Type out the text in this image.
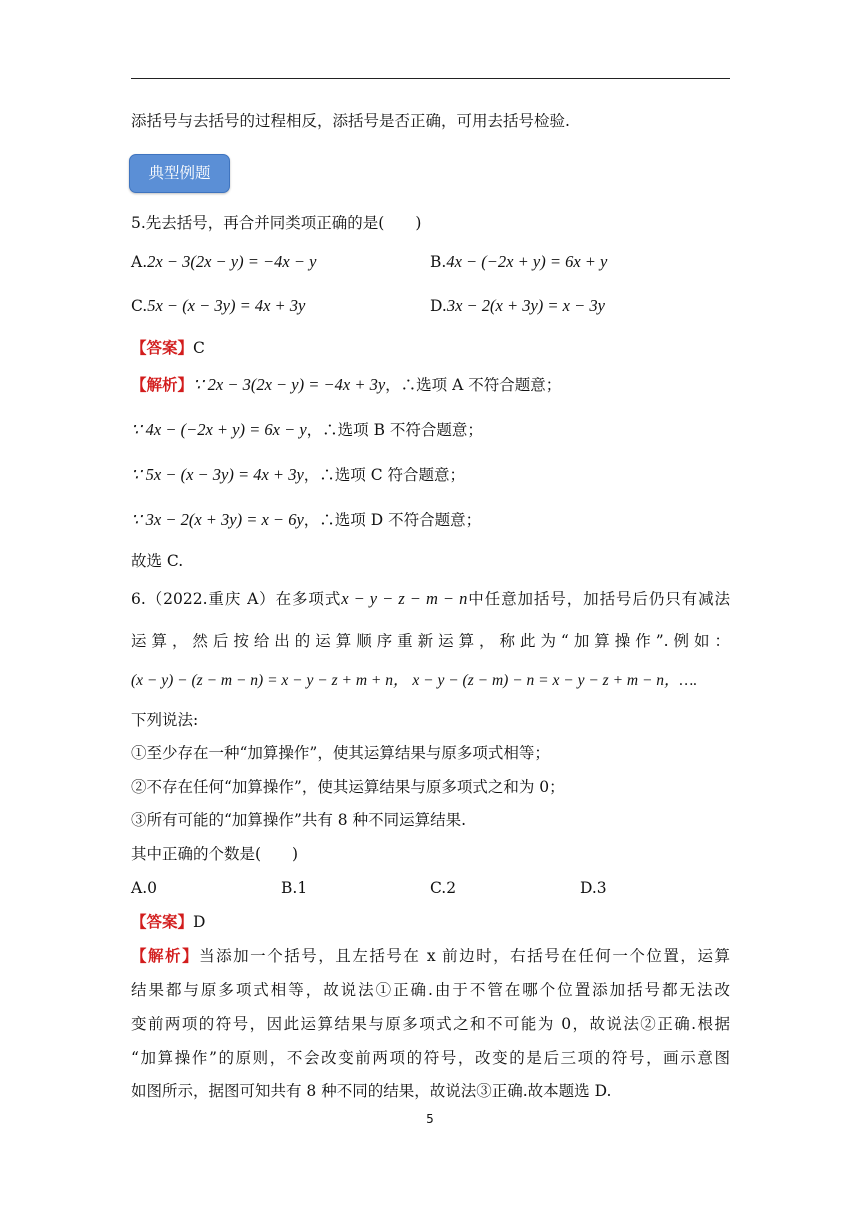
添括号与去括号的过程相反，添括号是否正确，可用去括号检验.
典型例题
5.先去括号，再合并同类项正确的是(　　)
A.2x − 3(2x − y) = −4x − y	B.4x − (−2x + y) = 6x + y
C.5x − (x − 3y) = 4x + 3y	D.3x − 2(x + 3y) = x − 3y
【答案】C
【解析】∵ 2x − 3(2x − y) = −4x + 3y，∴选项 A 不符合题意；
∵ 4x − (−2x + y) = 6x − y，∴选项 B 不符合题意；
∵ 5x − (x − 3y) = 4x + 3y，∴选项 C 符合题意；
∵ 3x − 2(x + 3y) = x − 6y，∴选项 D 不符合题意；
故选 C.
6.（2022.重庆 A）在多项式x − y − z − m − n中任意加括号，加括号后仍只有减法
运算，然后按给出的运算顺序重新运算，称此为“加算操作”.例如：
(x − y) − (z − m − n) = x − y − z + m + n， x − y − (z − m) − n = x − y − z + m − n，….
下列说法:
①至少存在一种“加算操作”，使其运算结果与原多项式相等；
②不存在任何“加算操作”，使其运算结果与原多项式之和为 0；
③所有可能的“加算操作”共有 8 种不同运算结果.
其中正确的个数是(　　)
A.0	B.1	C.2	D.3
【答案】D
【解析】当添加一个括号，且左括号在 x 前边时，右括号在任何一个位置，运算
结果都与原多项式相等，故说法①正确.由于不管在哪个位置添加括号都无法改
变前两项的符号，因此运算结果与原多项式之和不可能为 0，故说法②正确.根据
“加算操作”的原则，不会改变前两项的符号，改变的是后三项的符号，画示意图
如图所示，据图可知共有 8 种不同的结果，故说法③正确.故本题选 D.
5
